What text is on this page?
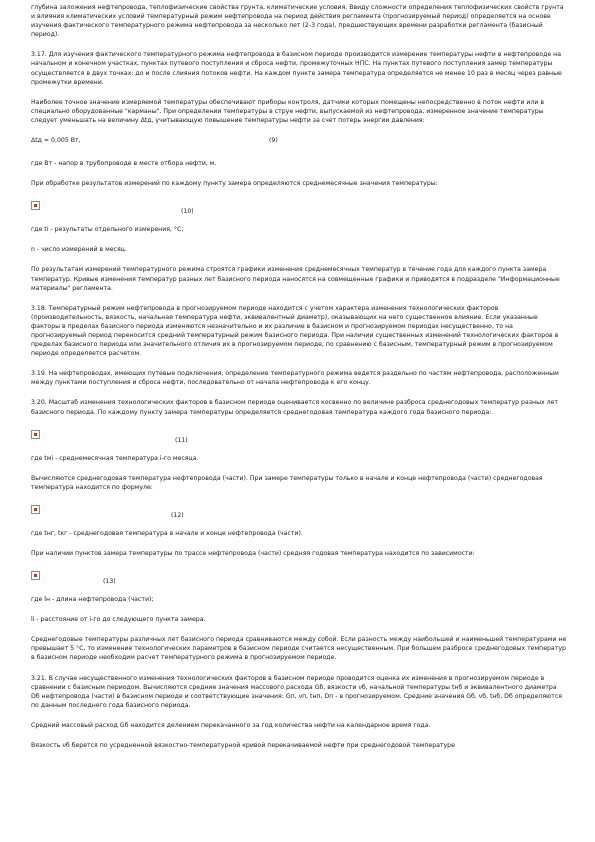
глубина заложения нефтепровода, теплофизические свойства грунта, климатические условия. Ввиду сложности определения теплофизических свойств грунта и влияния климатических условий температурный режим нефтепровода на период действия регламента (прогнозируемый период) определяется на основе изучения фактического температурного режима нефтепровода за несколько лет (2-3 года), предшествующих времени разработки регламента (базисный период).

3.17. Для изучения фактического температурного режима нефтепровода в базисном периоде производится измерение температуры нефти в нефтепроводе на начальном и конечном участках, пунктах путевого поступления и сброса нефти, промежуточных НПС. На пунктах путевого поступления замер температуры осуществляется в двух точках: до и после слияния потоков нефти. На каждом пункте замера температура определяется не менее 10 раз в месяц через равные промежутки времени.

Наиболее точное значение измеряемой температуры обеспечивают приборы контроля, датчики которых помещены непосредственно в поток нефти или в специально оборудованные "карманы". При определении температуры в струе нефти, выпускаемой из нефтепровода, измеренное значение температуры следует уменьшать на величину Δtд, учитывающую повышение температуры нефти за счет потерь энергии давления:

Δtд = 0,005 Вт,	(9)

где Вт - напор в трубопроводе в месте отбора нефти, м.

При обработке результатов измерений по каждому пункту замера определяются среднемесячные значения температуры:

(10)

где ti - результаты отдельного измерения, °С;

n - число измерений в месяц.

По результатам измерений температурного режима строятся графики изменения среднемесячных температур в течение года для каждого пункта замера температур. Кривые изменения температур разных лет базисного периода наносятся на совмещенные графики и приводятся в подразделе "Информационные материалы" регламента.

3.18. Температурный режим нефтепровода в прогнозируемом периоде находится с учетом характера изменения технологических факторов (производительность, вязкость, начальная температура нефти, эквивалентный диаметр), оказывающих на него существенное влияние. Если указанные факторы в пределах базисного периода изменяются незначительно и их различие в базисном и прогнозируемом периодах несущественно, то на прогнозируемый период переносится средний температурный режим базисного периода. При наличии существенных изменений технологических факторов в пределах базисного периода или значительного отличия их в прогнозируемом периоде, по сравнению с базисным, температурный режим в прогнозируемом периоде определяется расчетом.

3.19. На нефтепроводах, имеющих путевые подключения, определение температурного режима ведется раздельно по частям нефтепровода, расположенным между пунктами поступления и сброса нефти, последовательно от начала нефтепровода к его концу.

3.20. Масштаб изменения технологических факторов в базисном периоде оценивается косвенно по величине разброса среднегодовых температур разных лет базисного периода. По каждому пункту замера температуры определяется среднегодовая температура каждого года базисного периода:

(11)

где tмi - среднемесячная температура i-го месяца.

Вычисляются среднегодовая температура нефтепровода (части). При замере температуры только в начале и конце нефтепровода (части) среднегодовая температура находится по формуле:

(12)

где tнг, tкг - среднегодовая температура в начале и конце нефтепровода (части).

При наличии пунктов замера температуры по трассе нефтепровода (части) средняя годовая температура находится по зависимости:

(13)

где lн - длина нефтепровода (части);

li - расстояние от i-го до следующего пункта замера.

Среднегодовые температуры различных лет базисного периода сравниваются между собой. Если разность между наибольшей и наименьшей температурами не превышает 5 °С, то изменение технологических параметров в базисном периоде считается несущественным. При большем разбросе среднегодовых температур в базисном периоде необходим расчет температурного режима в прогнозируемом периоде.

3.21. В случае несущественного изменения технологических факторов в базисном периоде проводится оценка их изменения в прогнозируемом периоде в сравнении с базисным периодом. Вычисляются средние значения массового расхода Gб, вязкости νб, начальной температуры tнб и эквивалентного диаметра Dб нефтепровода (части) в базисном периоде и соответствующие значения: Gп, νп, tнп, Dп - в прогнозируемом. Средние значения Gб, νб, tнб, Dб определяются по данным последнего года базисного периода.

Средний массовый расход Gб находится делением перекачанного за год количества нефти на календарное время года.

Вязкость νб берется по усредненной вязкостно-температурной кривой перекачиваемой нефти при среднегодовой температуре
